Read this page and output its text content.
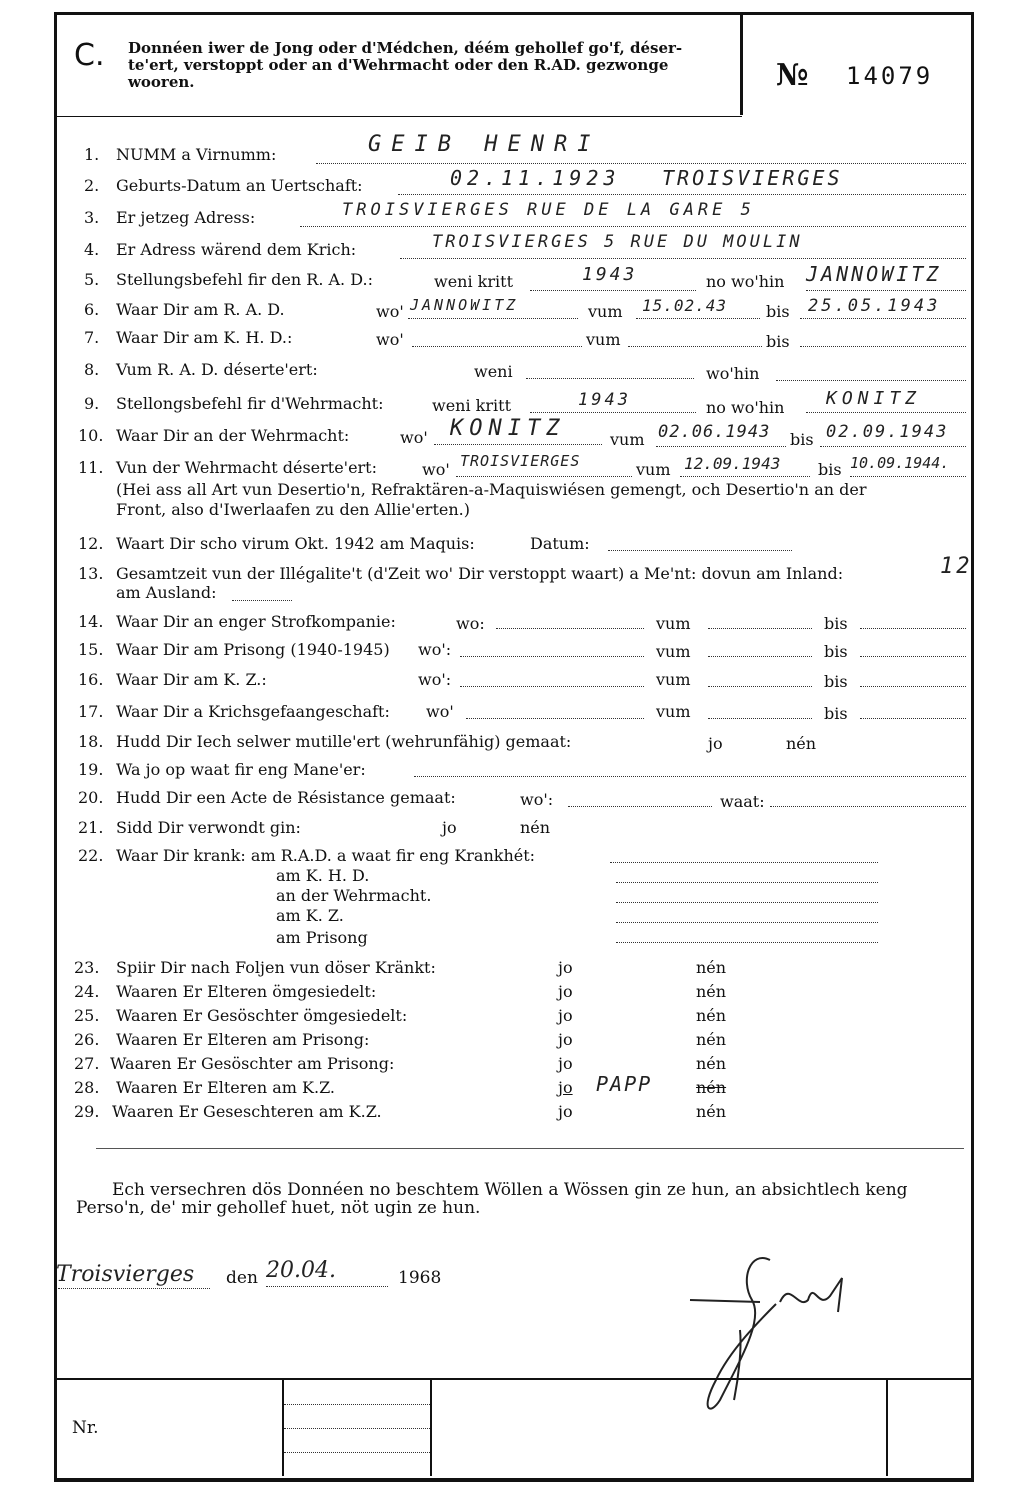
C. Donnéen iwer de Jong oder d'Médchen, déém gehollef go'f, déser-te'ert, verstoppt oder an d'Wehrmacht oder den R.AD. gezwonge wooren.	№ 14079
1. NUMM a Virnumm:	GEIB HENRI
2. Geburts-Datum an Uertschaft:	02.11.1923 TROISVIERGES
3. Er jetzeg Adress:	TROISVIERGES RUE DE LA GARE 5
4. Er Adress wärend dem Krich:	TROISVIERGES 5 RUE DU MOULIN
5. Stellungsbefehl fir den R. A. D.:	weni kritt	1943	no wo'hin JANNOWITZ
6. Waar Dir am R. A. D.	wo' JANNOWITZ	vum 15.02.43 bis 25.05.1943
7. Waar Dir am K. H. D.:	wo'	vum	bis
8. Vum R. A. D. déserte'ert:	weni	wo'hin
9. Stellongsbefehl fir d'Wehrmacht:	weni kritt	1943	no wo'hin KONITZ
10. Waar Dir an der Wehrmacht:	wo' KONITZ	vum 02.06.1943 bis 02.09.1943
11. Vun der Wehrmacht déserte'ert:	wo' TROISVIERGES	vum 12.09.1943 bis 10.09.1944.
(Hei ass all Art vun Desertio'n, Refraktären-a-Maquiswiésen gemengt, och Desertio'n an der
Front, also d'Iwerlaafen zu den Allie'erten.)
12. Waart Dir scho virum Okt. 1942 am Maquis:	Datum:
13. Gesamtzeit vun der Illégalite't (d'Zeit wo' Dir verstoppt waart) a Me'nt: dovun am Inland:	12
am Ausland:
14. Waar Dir an enger Strofkompanie:	wo:	vum	bis
15. Waar Dir am Prisong (1940-1945) wo':	vum	bis
16. Waar Dir am K. Z.:	wo':	vum	bis
17. Waar Dir a Krichsgefaangeschaft: wo'	vum	bis
18. Hudd Dir Iech selwer mutille'ert (wehrunfähig) gemaat:	jo	nén
19. Wa jo op waat fir eng Mane'er:
20. Hudd Dir een Acte de Résistance gemaat:	wo':	waat:
21. Sidd Dir verwondt gin:	jo	nén
22. Waar Dir krank: am R.A.D. a waat fir eng Krankhét:
am K. H. D.
an der Wehrmacht.
am K. Z.
am Prisong
23. Spiir Dir nach Foljen vun döser Kränkt:	jo	nén
24. Waaren Er Elteren ömgesiedelt:	jo	nén
25. Waaren Er Gesöschter ömgesiedelt:	jo	nén
26. Waaren Er Elteren am Prisong:	jo	nén
27. Waaren Er Gesöschter am Prisong:	jo	nén
28. Waaren Er Elteren am K.Z.	jo PAPP	nén
29. Waaren Er Geseschteren am K.Z.	jo	nén
Ech versechren dös Donnéen no beschtem Wöllen a Wössen gin ze hun, an absichtlech keng
Perso'n, de' mir gehollef huet, nöt ugin ze hun.
Troisvierges den 20.04.	1968
Nr.
